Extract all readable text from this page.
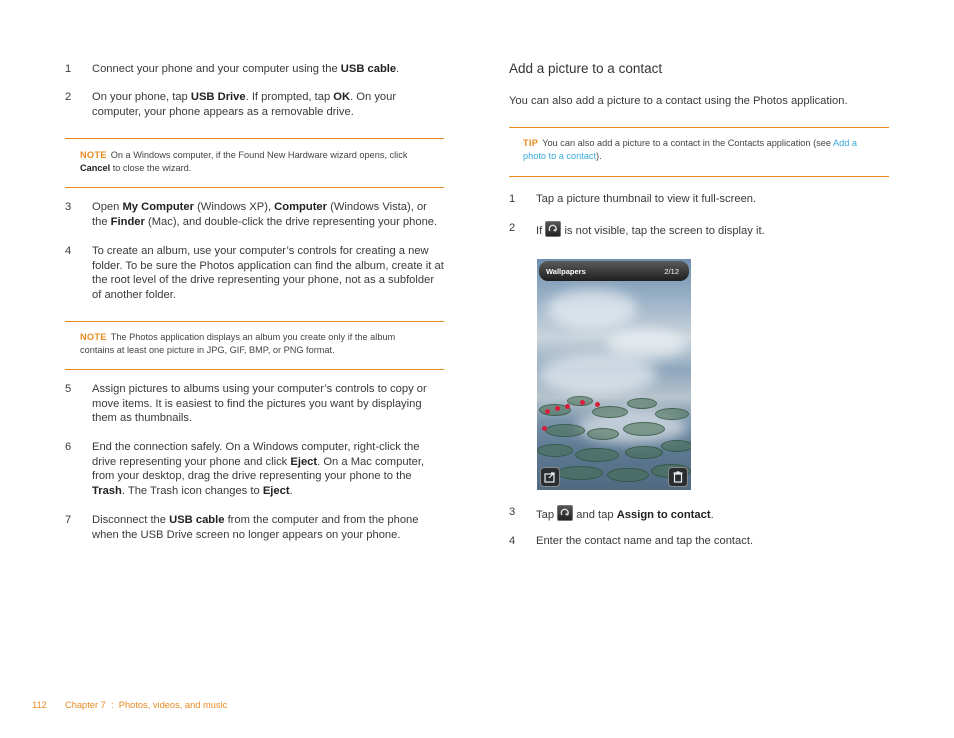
1	Connect your phone and your computer using the USB cable.
2	On your phone, tap USB Drive. If prompted, tap OK. On your
computer, your phone appears as a removable drive.
NOTE On a Windows computer, if the Found New Hardware wizard opens, click
Cancel to close the wizard.
3	Open My Computer (Windows XP), Computer (Windows Vista), or
the Finder (Mac), and double-click the drive representing your phone.
4	To create an album, use your computer’s controls for creating a new
folder. To be sure the Photos application can find the album, create it at
the root level of the drive representing your phone, not as a subfolder
of another folder.
NOTE The Photos application displays an album you create only if the album
contains at least one picture in JPG, GIF, BMP, or PNG format.
5	Assign pictures to albums using your computer’s controls to copy or
move items. It is easiest to find the pictures you want by displaying
them as thumbnails.
6	End the connection safely. On a Windows computer, right-click the
drive representing your phone and click Eject. On a Mac computer,
from your desktop, drag the drive representing your phone to the
Trash. The Trash icon changes to Eject.
7	Disconnect the USB cable from the computer and from the phone
when the USB Drive screen no longer appears on your phone.
Add a picture to a contact
You can also add a picture to a contact using the Photos application.
TIP You can also add a picture to a contact in the Contacts application (see Add a
photo to a contact).
1	Tap a picture thumbnail to view it full-screen.
2	If is not visible, tap the screen to display it.
Wallpapers	2/12
3	Tap and tap Assign to contact.
4	Enter the contact name and tap the contact.
112 Chapter 7  :  Photos, videos, and music
